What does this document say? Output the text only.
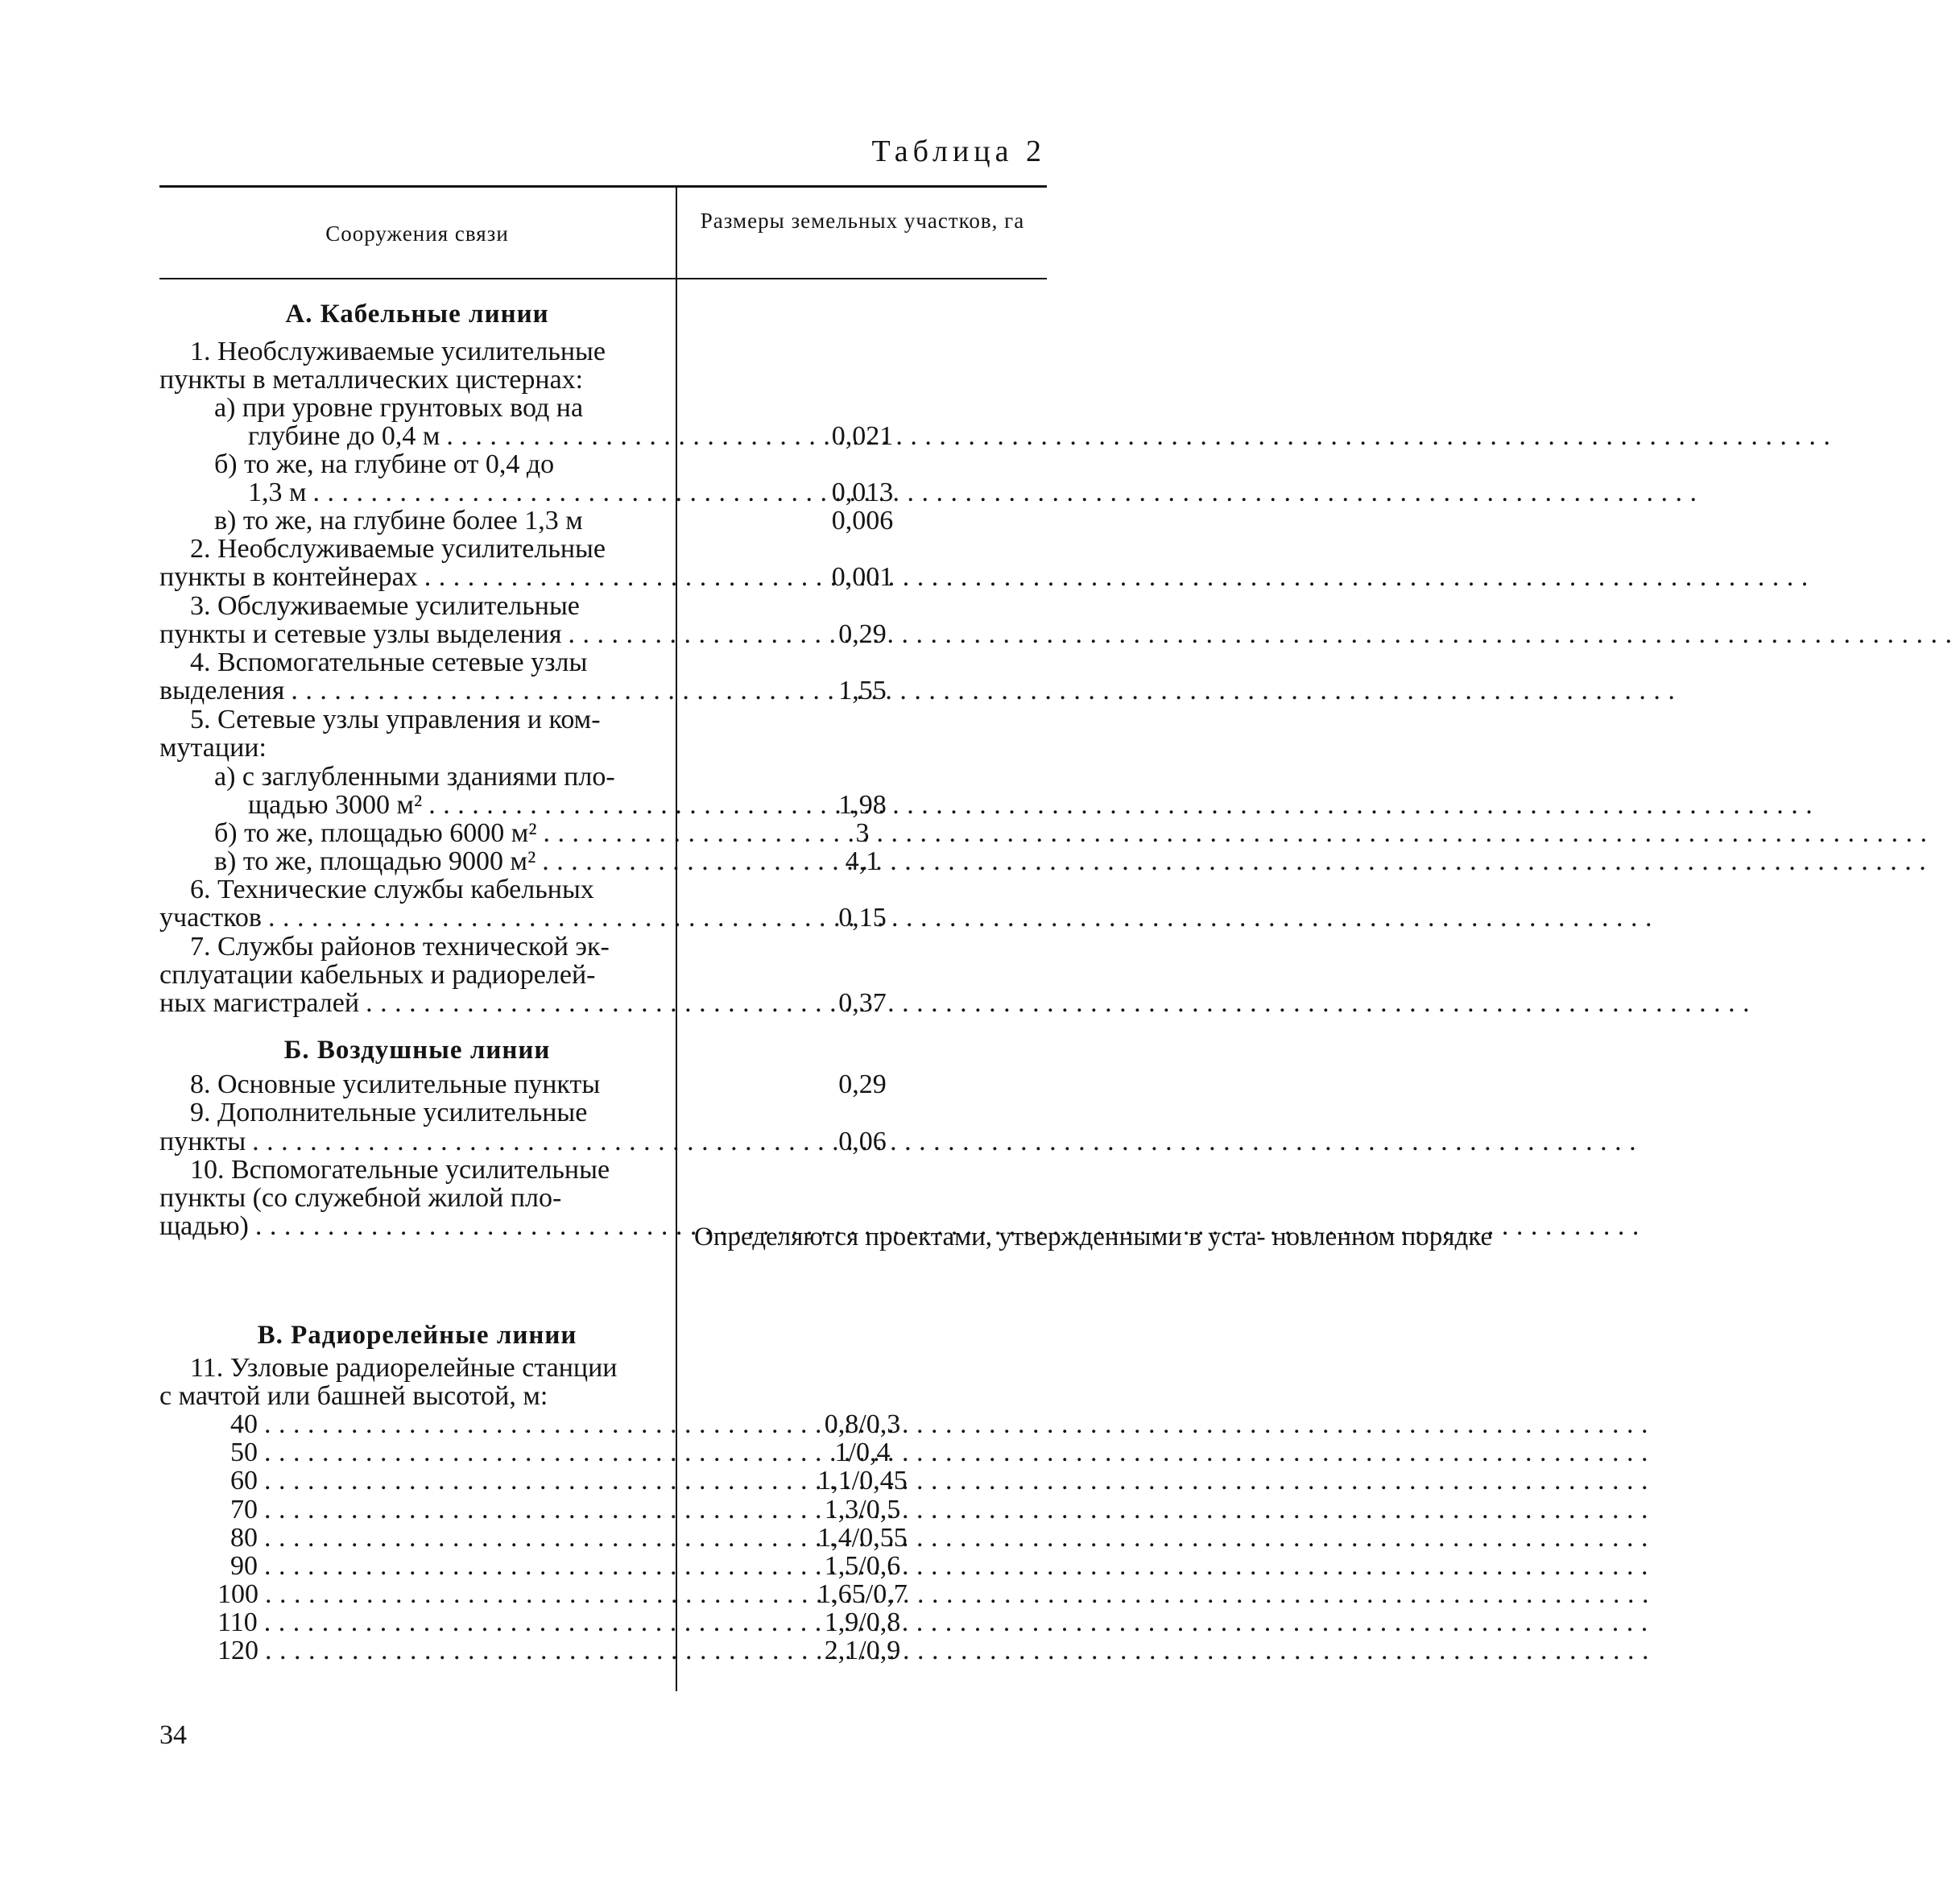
Таблица 2
Сооружения связи
Размеры земельных участков, га
А. Кабельные линии
Б. Воздушные линии
В. Радиорелейные линии
1. Необслуживаемые усилительные
пункты в металлических цистернах:
а) при уровне грунтовых вод на
глубине до 0,4 м
.....
б) то же, на глубине от 0,4 до
1,3 м
.....
в) то же, на глубине более 1,3 м
2. Необслуживаемые усилительные
пункты в контейнерах
.....
3. Обслуживаемые усилительные
пункты и сетевые узлы выделения
.....
4. Вспомогательные сетевые узлы
выделения
.....
5. Сетевые узлы управления и ком-
мутации:
а) с заглубленными зданиями пло-
щадью 3000 м²
.....
б) то же, площадью 6000 м²
.....
в) то же, площадью 9000 м²
.....
6. Технические службы кабельных
участков
.....
7. Службы районов технической эк-
сплуатации кабельных и радиорелей-
ных магистралей
.....
8. Основные усилительные пункты
9. Дополнительные усилительные
пункты
.....
10. Вспомогательные усилительные
пункты (со служебной жилой пло-
щадью)
.....
11. Узловые радиорелейные станции
с мачтой или башней высотой, м:
40
.....
50
.....
60
.....
70
.....
80
.....
90
.....
100
.....
110
.....
120
.....
0,021
0,013
0,006
0,001
0,29
1,55
1,98
3
4,1
0,15
0,37
0,29
0,06
0,8/0,3
1/0,4
1,1/0,45
1,3/0,5
1,4/0,55
1,5/0,6
1,65/0,7
1,9/0,8
2,1/0,9
Определяются проектами, утвержденными в уста- новленном порядке
34
